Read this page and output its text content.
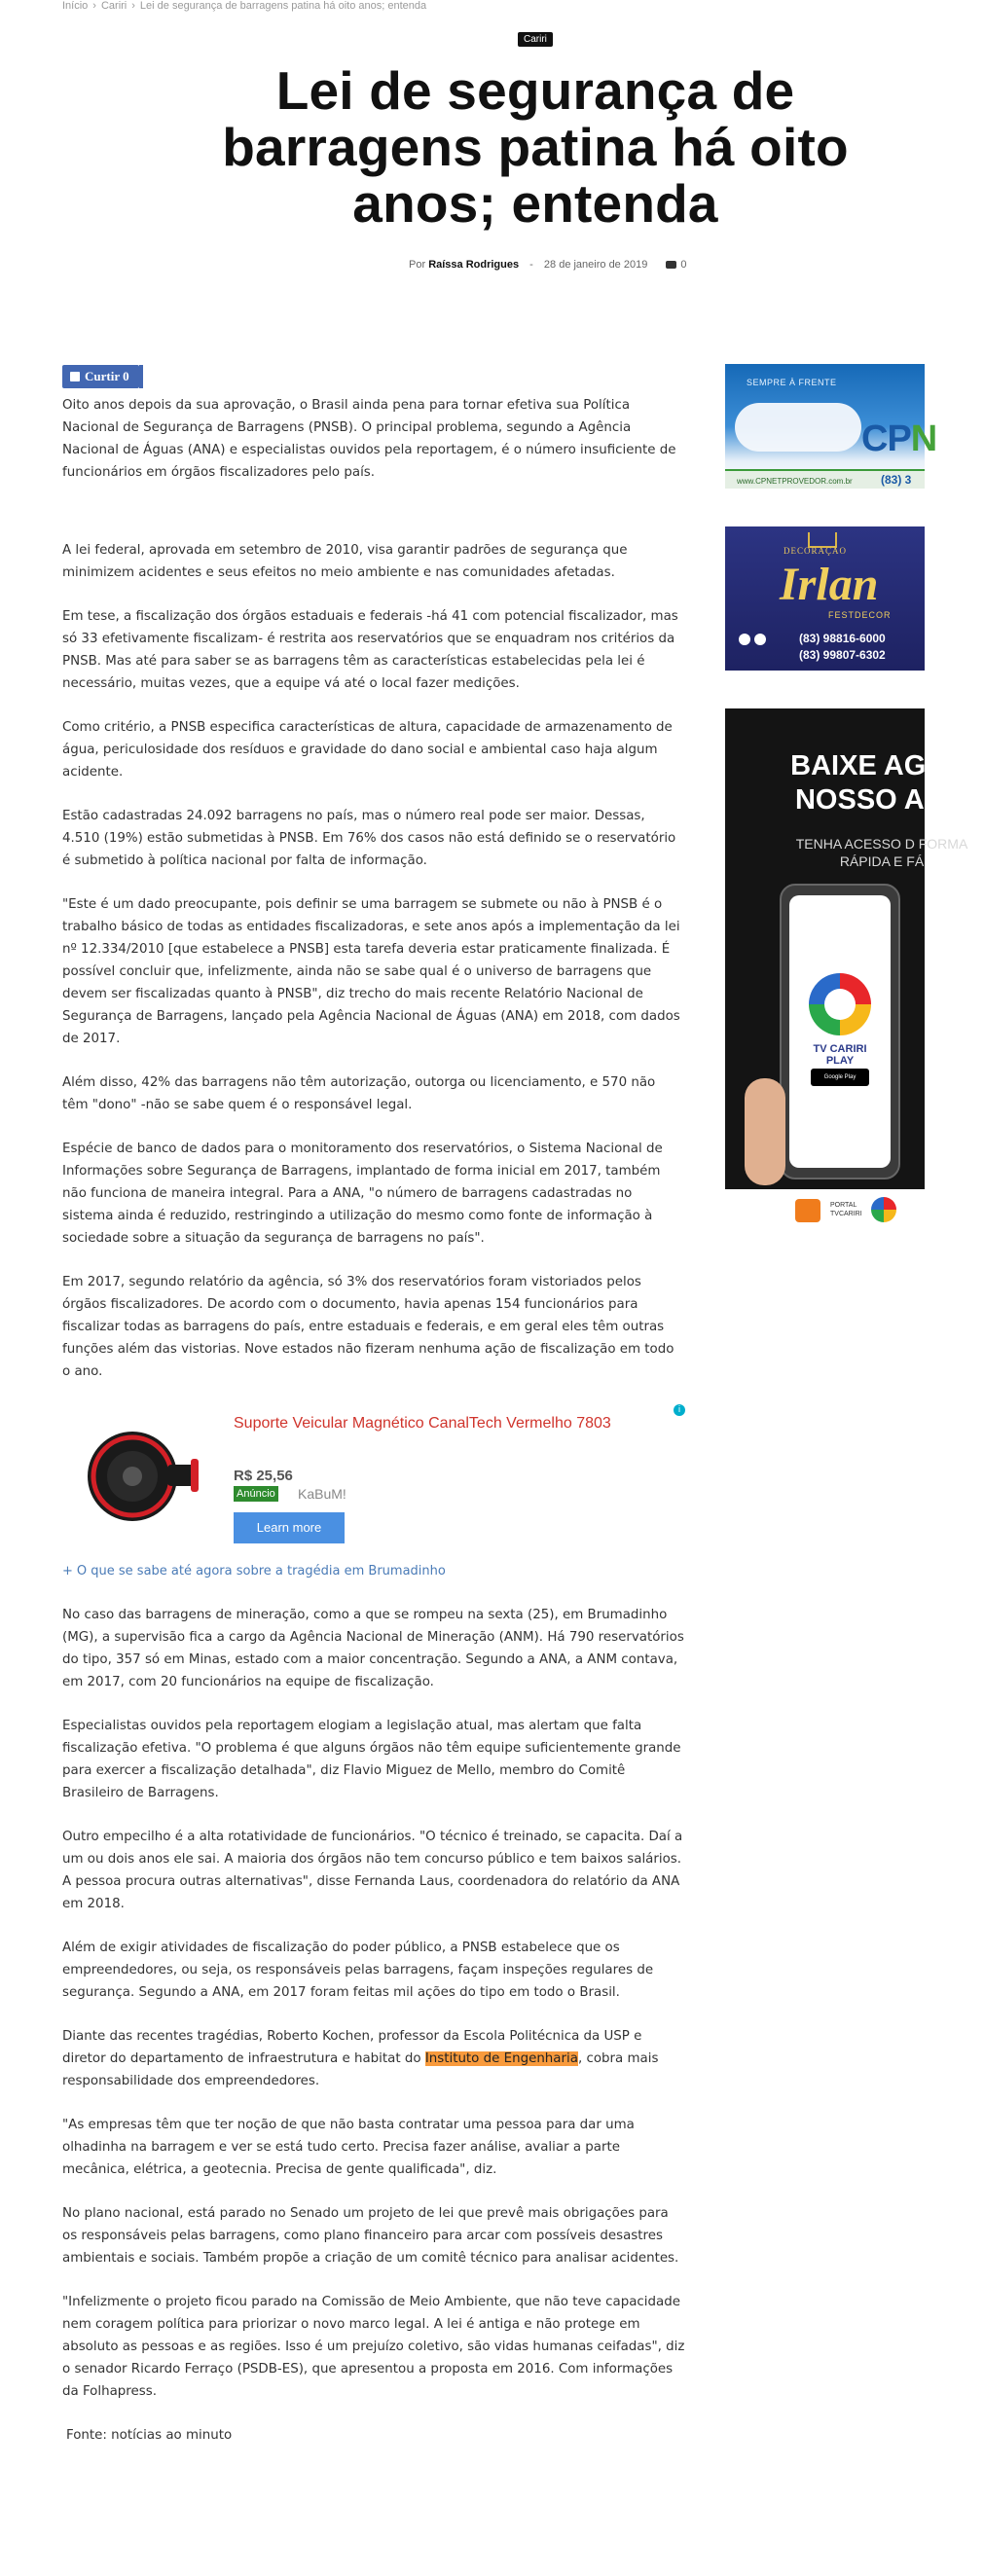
Início › Cariri › Lei de segurança de barragens patina há oito anos; entenda
Cariri
Lei de segurança de barragens patina há oito anos; entenda
Por Raíssa Rodrigues - 28 de janeiro de 2019	0
Curtir 0

Oito anos depois da sua aprovação, o Brasil ainda pena para tornar efetiva sua Política Nacional de Segurança de Barragens (PNSB). O principal problema, segundo a Agência Nacional de Águas (ANA) e especialistas ouvidos pela reportagem, é o número insuficiente de funcionários em órgãos fiscalizadores pelo país.

A lei federal, aprovada em setembro de 2010, visa garantir padrões de segurança que minimizem acidentes e seus efeitos no meio ambiente e nas comunidades afetadas.

Em tese, a fiscalização dos órgãos estaduais e federais -há 41 com potencial fiscalizador, mas só 33 efetivamente fiscalizam- é restrita aos reservatórios que se enquadram nos critérios da PNSB. Mas até para saber se as barragens têm as características estabelecidas pela lei é necessário, muitas vezes, que a equipe vá até o local fazer medições.

Como critério, a PNSB especifica características de altura, capacidade de armazenamento de água, periculosidade dos resíduos e gravidade do dano social e ambiental caso haja algum acidente.

Estão cadastradas 24.092 barragens no país, mas o número real pode ser maior. Dessas, 4.510 (19%) estão submetidas à PNSB. Em 76% dos casos não está definido se o reservatório é submetido à política nacional por falta de informação.

"Este é um dado preocupante, pois definir se uma barragem se submete ou não à PNSB é o trabalho básico de todas as entidades fiscalizadoras, e sete anos após a implementação da lei nº 12.334/2010 [que estabelece a PNSB] esta tarefa deveria estar praticamente finalizada. É possível concluir que, infelizmente, ainda não se sabe qual é o universo de barragens que devem ser fiscalizadas quanto à PNSB", diz trecho do mais recente Relatório Nacional de Segurança de Barragens, lançado pela Agência Nacional de Águas (ANA) em 2018, com dados de 2017.

Além disso, 42% das barragens não têm autorização, outorga ou licenciamento, e 570 não têm "dono" -não se sabe quem é o responsável legal.

Espécie de banco de dados para o monitoramento dos reservatórios, o Sistema Nacional de Informações sobre Segurança de Barragens, implantado de forma inicial em 2017, também não funciona de maneira integral. Para a ANA, "o número de barragens cadastradas no sistema ainda é reduzido, restringindo a utilização do mesmo como fonte de informação à sociedade sobre a situação da segurança de barragens no país".

Em 2017, segundo relatório da agência, só 3% dos reservatórios foram vistoriados pelos órgãos fiscalizadores. De acordo com o documento, havia apenas 154 funcionários para fiscalizar todas as barragens do país, entre estaduais e federais, e em geral eles têm outras funções além das vistorias. Nove estados não fizeram nenhuma ação de fiscalização em todo o ano.

i
Suporte Veicular Magnético CanalTech Vermelho 7803
R$ 25,56
Anúncio KaBuM!
Learn more

+ O que se sabe até agora sobre a tragédia em Brumadinho

No caso das barragens de mineração, como a que se rompeu na sexta (25), em Brumadinho (MG), a supervisão fica a cargo da Agência Nacional de Mineração (ANM). Há 790 reservatórios do tipo, 357 só em Minas, estado com a maior concentração. Segundo a ANA, a ANM contava, em 2017, com 20 funcionários na equipe de fiscalização.

Especialistas ouvidos pela reportagem elogiam a legislação atual, mas alertam que falta fiscalização efetiva. "O problema é que alguns órgãos não têm equipe suficientemente grande para exercer a fiscalização detalhada", diz Flavio Miguez de Mello, membro do Comitê Brasileiro de Barragens.

Outro empecilho é a alta rotatividade de funcionários. "O técnico é treinado, se capacita. Daí a um ou dois anos ele sai. A maioria dos órgãos não tem concurso público e tem baixos salários. A pessoa procura outras alternativas", disse Fernanda Laus, coordenadora do relatório da ANA em 2018.

Além de exigir atividades de fiscalização do poder público, a PNSB estabelece que os empreendedores, ou seja, os responsáveis pelas barragens, façam inspeções regulares de segurança. Segundo a ANA, em 2017 foram feitas mil ações do tipo em todo o Brasil.

Diante das recentes tragédias, Roberto Kochen, professor da Escola Politécnica da USP e diretor do departamento de infraestrutura e habitat do Instituto de Engenharia, cobra mais responsabilidade dos empreendedores.

"As empresas têm que ter noção de que não basta contratar uma pessoa para dar uma olhadinha na barragem e ver se está tudo certo. Precisa fazer análise, avaliar a parte mecânica, elétrica, a geotecnia. Precisa de gente qualificada", diz.

No plano nacional, está parado no Senado um projeto de lei que prevê mais obrigações para os responsáveis pelas barragens, como plano financeiro para arcar com possíveis desastres ambientais e sociais. Também propõe a criação de um comitê técnico para analisar acidentes.

"Infelizmente o projeto ficou parado na Comissão de Meio Ambiente, que não teve capacidade nem coragem política para priorizar o novo marco legal. A lei é antiga e não protege em absoluto as pessoas e as regiões. Isso é um prejuízo coletivo, são vidas humanas ceifadas", diz o senador Ricardo Ferraço (PSDB-ES), que apresentou a proposta em 2016. Com informações da Folhapress.

Fonte: notícias ao minuto
SEMPRE À FRENTE
CPN
www.CPNETPROVEDOR.com.br (83) 3
DECORAÇÃO
Irlan
FESTDECOR
(83) 98816-6000
(83) 99807-6302
BAIXE AGO NOSSO AP
TENHA ACESSO D FORMA RÁPIDA E FÁ
TV CARIRI PLAY
Google Play
PORTAL TVCARIRI
